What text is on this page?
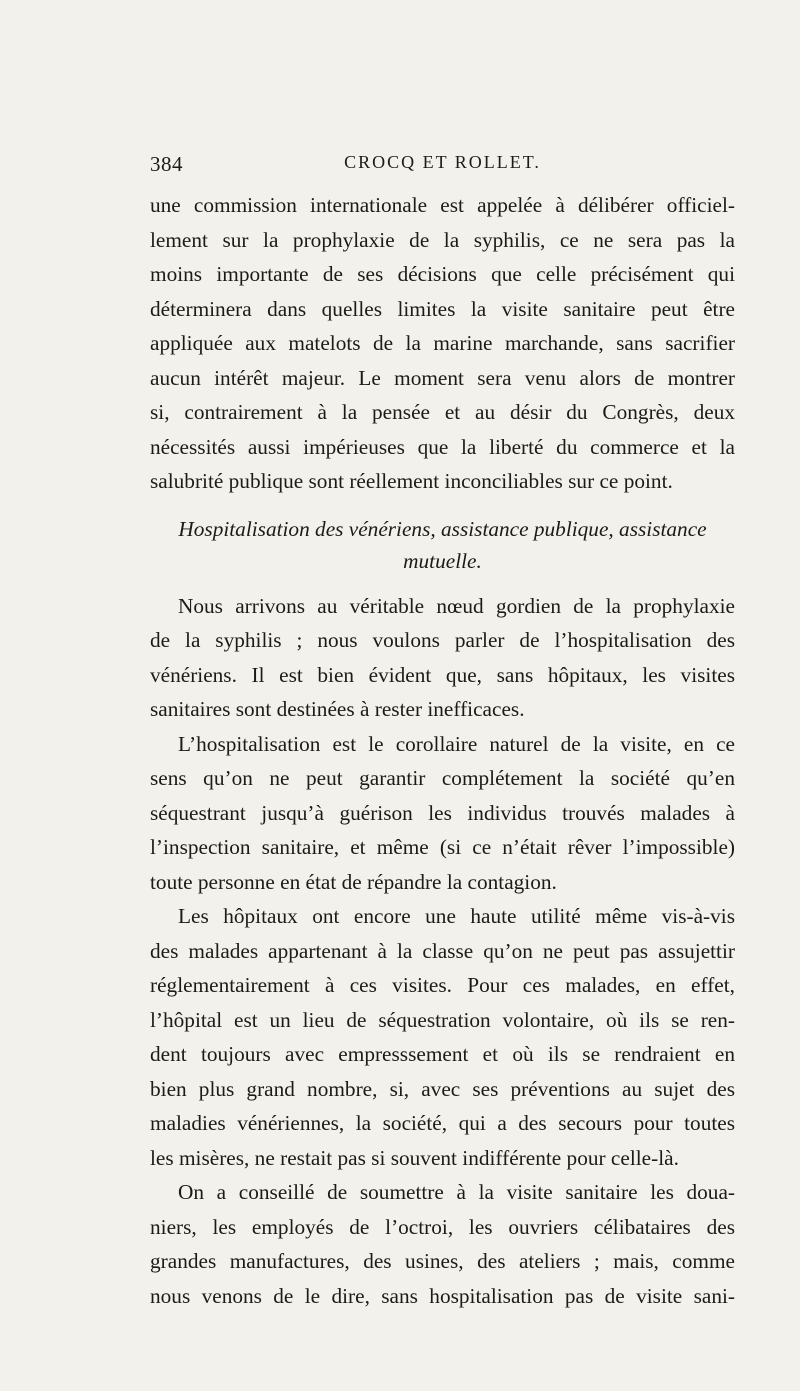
384	CROCQ ET ROLLET.

une commission internationale est appelée à délibérer officiel-

lement sur la prophylaxie de la syphilis, ce ne sera pas la

moins importante de ses décisions que celle précisément qui

déterminera dans quelles limites la visite sanitaire peut être

appliquée aux matelots de la marine marchande, sans sacrifier

aucun intérêt majeur. Le moment sera venu alors de montrer

si, contrairement à la pensée et au désir du Congrès, deux

nécessités aussi impérieuses que la liberté du commerce et la

salubrité publique sont réellement inconciliables sur ce point.

Hospitalisation des vénériens, assistance publique, assistance
mutuelle.

Nous arrivons au véritable nœud gordien de la prophylaxie

de la syphilis ; nous voulons parler de l’hospitalisation des

vénériens. Il est bien évident que, sans hôpitaux, les visites

sanitaires sont destinées à rester inefficaces.

L’hospitalisation est le corollaire naturel de la visite, en ce

sens qu’on ne peut garantir complétement la société qu’en

séquestrant jusqu’à guérison les individus trouvés malades à

l’inspection sanitaire, et même (si ce n’était rêver l’impossible)

toute personne en état de répandre la contagion.

Les hôpitaux ont encore une haute utilité même vis-à-vis

des malades appartenant à la classe qu’on ne peut pas assujettir

réglementairement à ces visites. Pour ces malades, en effet,

l’hôpital est un lieu de séquestration volontaire, où ils se ren-

dent toujours avec empresssement et où ils se rendraient en

bien plus grand nombre, si, avec ses préventions au sujet des

maladies vénériennes, la société, qui a des secours pour toutes

les misères, ne restait pas si souvent indifférente pour celle-là.

On a conseillé de soumettre à la visite sanitaire les doua-

niers, les employés de l’octroi, les ouvriers célibataires des

grandes manufactures, des usines, des ateliers ; mais, comme

nous venons de le dire, sans hospitalisation pas de visite sani-
